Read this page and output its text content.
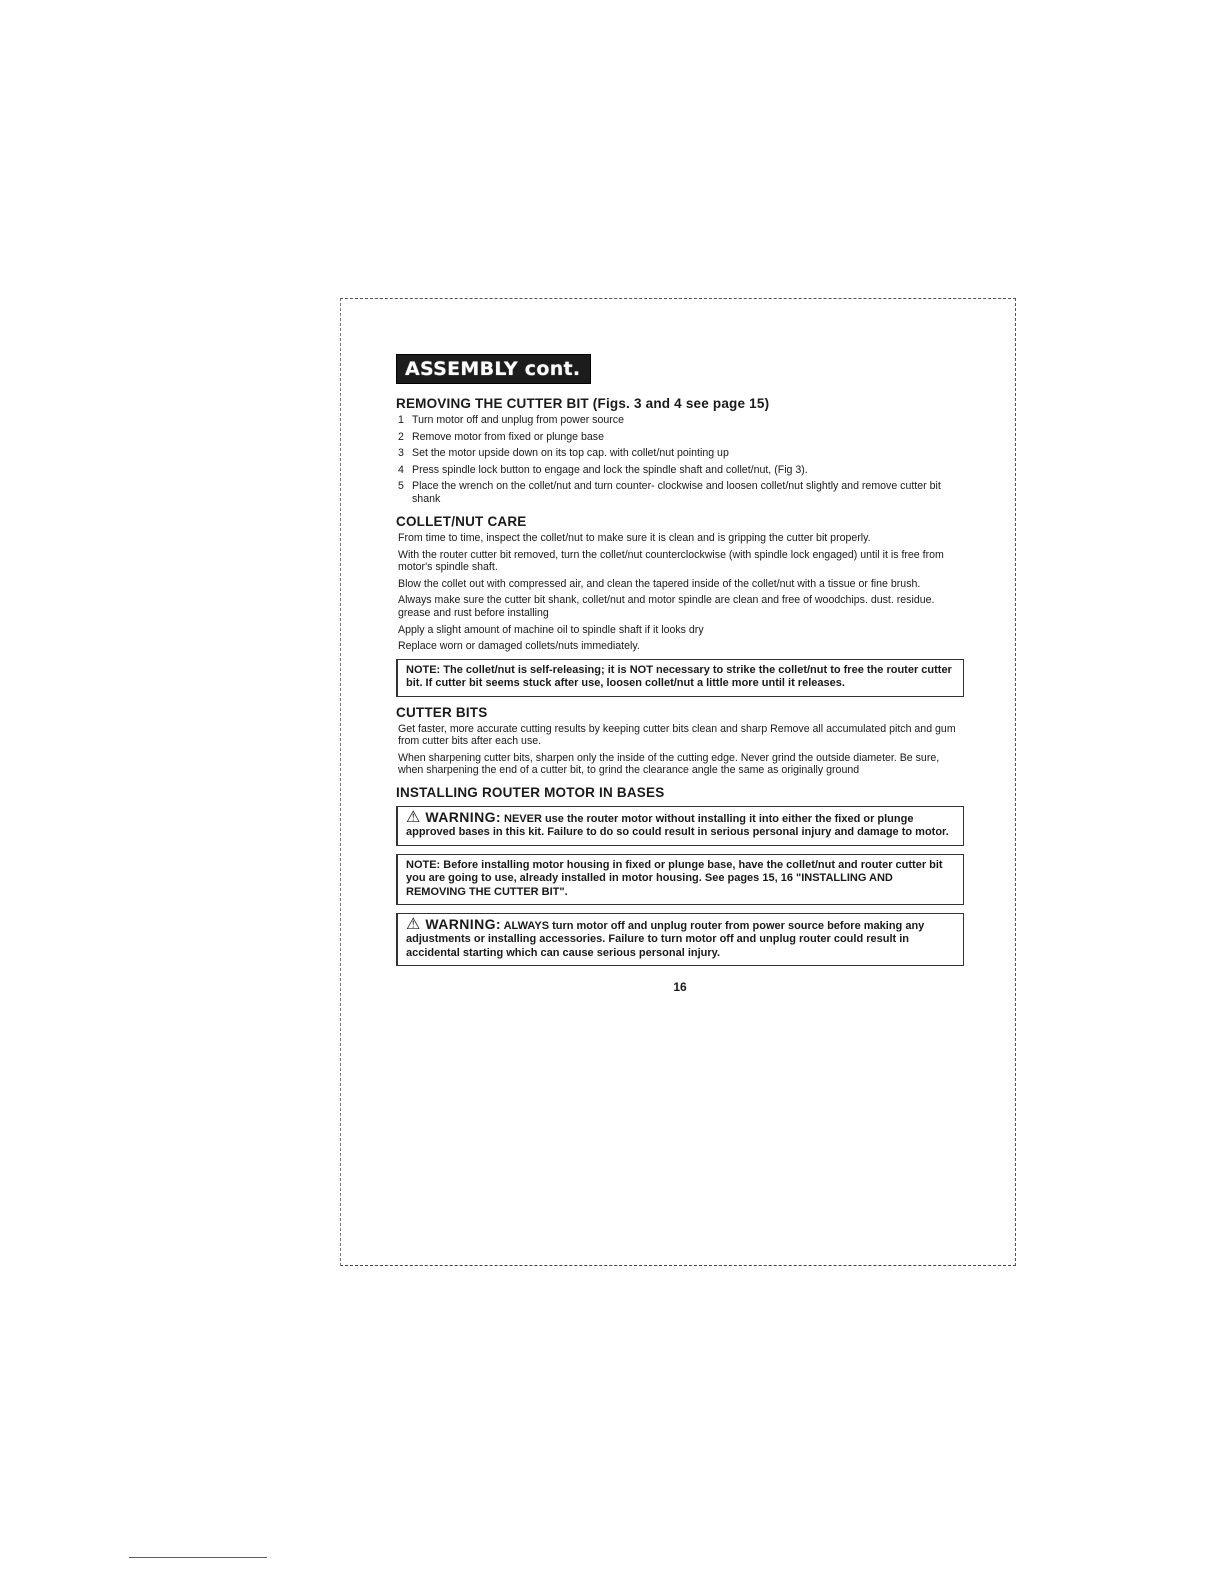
ASSEMBLY cont.
REMOVING THE CUTTER BIT (Figs. 3 and 4 see page 15)
1 Turn motor off and unplug from power source
2 Remove motor from fixed or plunge base
3 Set the motor upside down on its top cap. with collet/nut pointing up
4 Press spindle lock button to engage and lock the spindle shaft and collet/nut, (Fig 3).
5 Place the wrench on the collet/nut and turn counter- clockwise and loosen collet/nut slightly and remove cutter bit shank
COLLET/NUT CARE

From time to time, inspect the collet/nut to make sure it is clean and is gripping the cutter bit properly.

With the router cutter bit removed, turn the collet/nut counterclockwise (with spindle lock engaged) until it is free from motor's spindle shaft.

Blow the collet out with compressed air, and clean the tapered inside of the collet/nut with a tissue or fine brush.

Always make sure the cutter bit shank, collet/nut and motor spindle are clean and free of woodchips. dust. residue. grease and rust before installing

Apply a slight amount of machine oil to spindle shaft if it looks dry

Replace worn or damaged collets/nuts immediately.

NOTE: The collet/nut is self-releasing; it is NOT necessary to strike the collet/nut to free the router cutter bit. If cutter bit seems stuck after use, loosen collet/nut a little more until it releases.
CUTTER BITS

Get faster, more accurate cutting results by keeping cutter bits clean and sharp Remove all accumulated pitch and gum from cutter bits after each use.

When sharpening cutter bits, sharpen only the inside of the cutting edge. Never grind the outside diameter. Be sure, when sharpening the end of a cutter bit, to grind the clearance angle the same as originally ground

INSTALLING ROUTER MOTOR IN BASES
⚠ WARNING: NEVER use the router motor without installing it into either the fixed or plunge approved bases in this kit. Failure to do so could result in serious personal injury and damage to motor.
NOTE: Before installing motor housing in fixed or plunge base, have the collet/nut and router cutter bit you are going to use, already installed in motor housing. See pages 15, 16 "INSTALLING AND REMOVING THE CUTTER BIT".
⚠ WARNING: ALWAYS turn motor off and unplug router from power source before making any adjustments or installing accessories. Failure to turn motor off and unplug router could result in accidental starting which can cause serious personal injury.
16
